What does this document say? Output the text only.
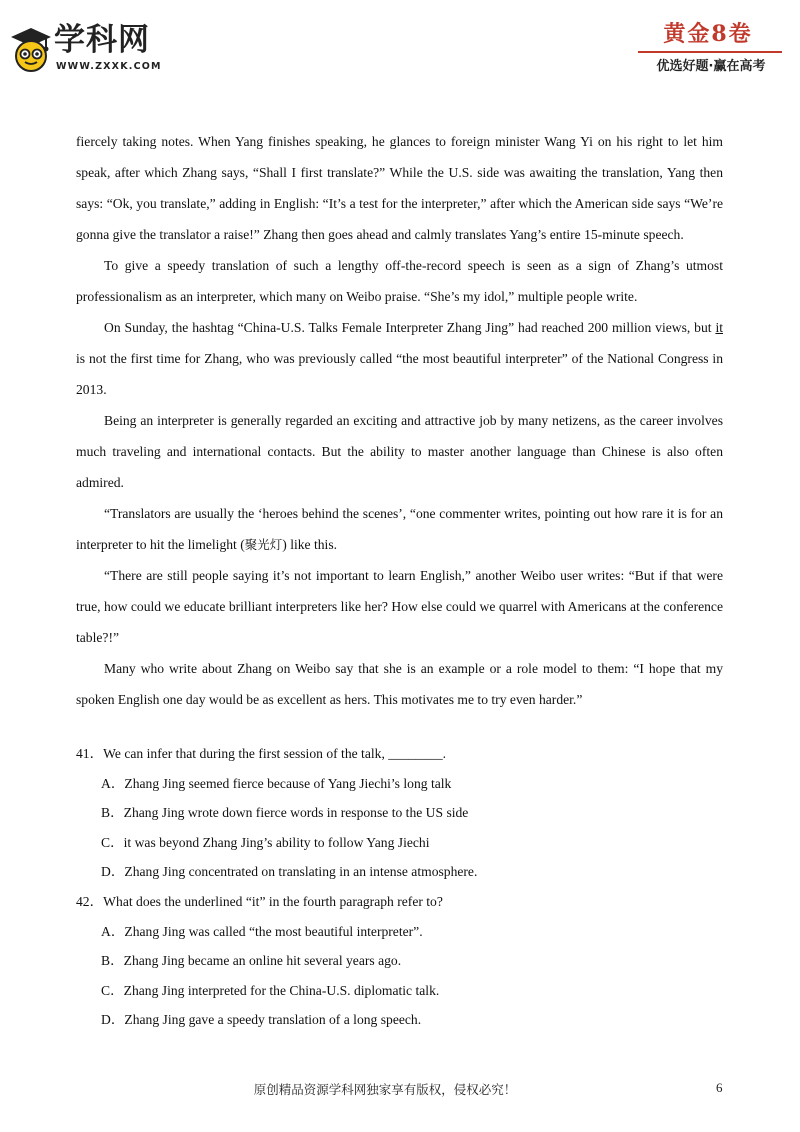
学科网
WWW.ZXXK.COM
黄金8卷
优选好题·赢在高考

fiercely taking notes. When Yang finishes speaking, he glances to foreign minister Wang Yi on his right to let him speak, after which Zhang says, “Shall I first translate?” While the U.S. side was awaiting the translation, Yang then says: “Ok, you translate,” adding in English: “It’s a test for the interpreter,” after which the American side says “We’re gonna give the translator a raise!” Zhang then goes ahead and calmly translates Yang’s entire 15-minute speech.

To give a speedy translation of such a lengthy off-the-record speech is seen as a sign of Zhang’s utmost professionalism as an interpreter, which many on Weibo praise. “She’s my idol,” multiple people write.

On Sunday, the hashtag “China-U.S. Talks Female Interpreter Zhang Jing” had reached 200 million views, but it is not the first time for Zhang, who was previously called “the most beautiful interpreter” of the National Congress in 2013.

Being an interpreter is generally regarded an exciting and attractive job by many netizens, as the career involves much traveling and international contacts. But the ability to master another language than Chinese is also often admired.

“Translators are usually the ‘heroes behind the scenes’, “one commenter writes, pointing out how rare it is for an interpreter to hit the limelight (聚光灯) like this.

“There are still people saying it’s not important to learn English,” another Weibo user writes: “But if that were true, how could we educate brilliant interpreters like her? How else could we quarrel with Americans at the conference table?!”

Many who write about Zhang on Weibo say that she is an example or a role model to them: “I hope that my spoken English one day would be as excellent as hers. This motivates me to try even harder.”

41．We can infer that during the first session of the talk, ________.

A．Zhang Jing seemed fierce because of Yang Jiechi’s long talk

B．Zhang Jing wrote down fierce words in response to the US side

C．it was beyond Zhang Jing’s ability to follow Yang Jiechi

D．Zhang Jing concentrated on translating in an intense atmosphere.

42．What does the underlined “it” in the fourth paragraph refer to?

A．Zhang Jing was called “the most beautiful interpreter”.

B．Zhang Jing became an online hit several years ago.

C．Zhang Jing interpreted for the China-U.S. diplomatic talk.

D．Zhang Jing gave a speedy translation of a long speech.

原创精品资源学科网独家享有版权，侵权必究！	6
